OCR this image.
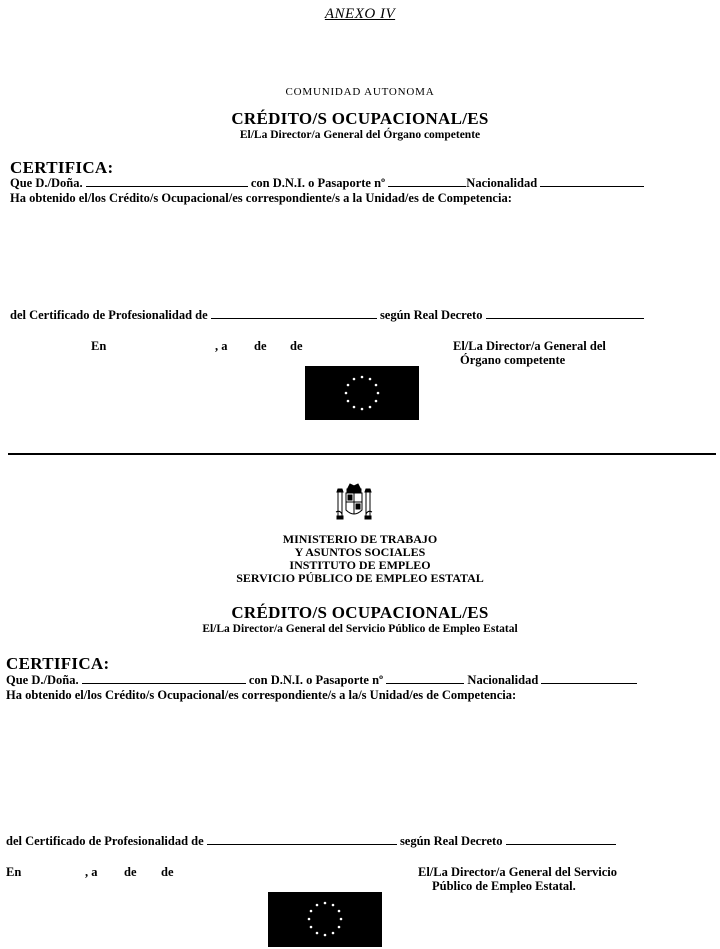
ANEXO IV
COMUNIDAD AUTONOMA
CRÉDITO/S OCUPACIONAL/ES
El/La Director/a General del Órgano competente
CERTIFICA:
Que D./Doña.	con D.N.I. o Pasaporte nº	Nacionalidad
Ha obtenido el/los Crédito/s Ocupacional/es correspondiente/s a la Unidad/es de Competencia:
del Certificado de Profesionalidad de	según Real Decreto
En	, a de de	El/La Director/a General del
Órgano competente
MINISTERIO DE TRABAJO
Y ASUNTOS SOCIALES
INSTITUTO DE EMPLEO
SERVICIO PÚBLICO DE EMPLEO ESTATAL
CRÉDITO/S OCUPACIONAL/ES
El/La Director/a General del Servicio Público de Empleo Estatal
CERTIFICA:
Que D./Doña.	con D.N.I. o Pasaporte nº	Nacionalidad
Ha obtenido el/los Crédito/s Ocupacional/es correspondiente/s a la/s Unidad/es de Competencia:
del Certificado de Profesionalidad de	según Real Decreto
En	, a de de	El/La Director/a General del Servicio
Público de Empleo Estatal.
